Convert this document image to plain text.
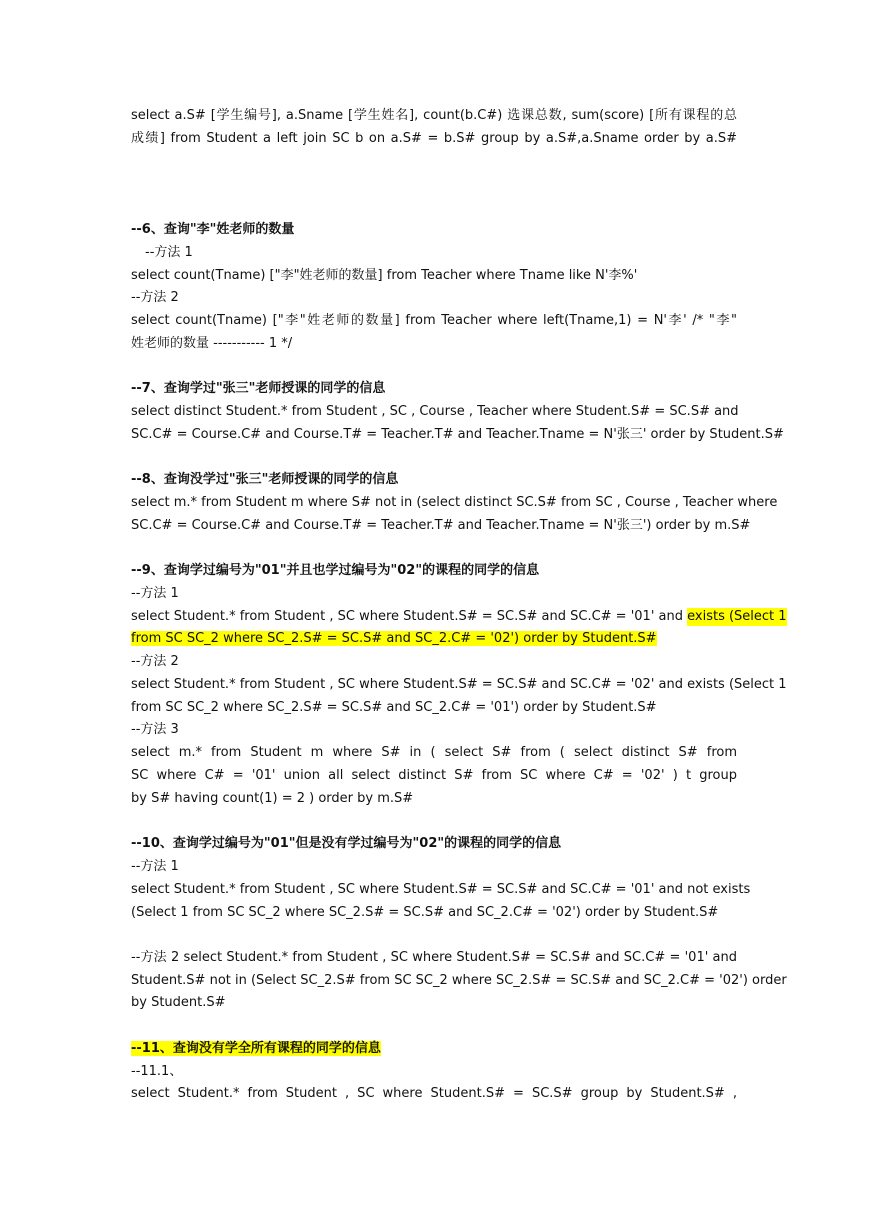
select a.S# [学生编号], a.Sname [学生姓名], count(b.C#) 选课总数, sum(score) [所有课程的总
成绩] from Student a left join SC b on a.S# = b.S# group by a.S#,a.Sname order by a.S#
--6、查询"李"姓老师的数量
--方法 1
select count(Tname) ["李"姓老师的数量] from Teacher where Tname like N'李%'
--方法 2
select count(Tname) ["李"姓老师的数量] from Teacher where left(Tname,1) = N'李' /* "李"
姓老师的数量 ----------- 1 */
--7、查询学过"张三"老师授课的同学的信息
select distinct Student.* from Student , SC , Course , Teacher where Student.S# = SC.S# and
SC.C# = Course.C# and Course.T# = Teacher.T# and Teacher.Tname = N'张三' order by Student.S#
--8、查询没学过"张三"老师授课的同学的信息
select m.* from Student m where S# not in (select distinct SC.S# from SC , Course , Teacher where
SC.C# = Course.C# and Course.T# = Teacher.T# and Teacher.Tname = N'张三') order by m.S#
--9、查询学过编号为"01"并且也学过编号为"02"的课程的同学的信息
--方法 1
select Student.* from Student , SC where Student.S# = SC.S# and SC.C# = '01' and exists (Select 1
from SC SC_2 where SC_2.S# = SC.S# and SC_2.C# = '02') order by Student.S#
--方法 2
select Student.* from Student , SC where Student.S# = SC.S# and SC.C# = '02' and exists (Select 1
from SC SC_2 where SC_2.S# = SC.S# and SC_2.C# = '01') order by Student.S#
--方法 3
select m.* from Student m where S# in ( select S# from ( select distinct S# from
SC where C# = '01' union all select distinct S# from SC where C# = '02' ) t group
by S# having count(1) = 2 ) order by m.S#
--10、查询学过编号为"01"但是没有学过编号为"02"的课程的同学的信息
--方法 1
select Student.* from Student , SC where Student.S# = SC.S# and SC.C# = '01' and not exists
(Select 1 from SC SC_2 where SC_2.S# = SC.S# and SC_2.C# = '02') order by Student.S#
--方法 2 select Student.* from Student , SC where Student.S# = SC.S# and SC.C# = '01' and
Student.S# not in (Select SC_2.S# from SC SC_2 where SC_2.S# = SC.S# and SC_2.C# = '02') order
by Student.S#
--11、查询没有学全所有课程的同学的信息
--11.1、
select Student.* from Student , SC where Student.S# = SC.S# group by Student.S# ,
